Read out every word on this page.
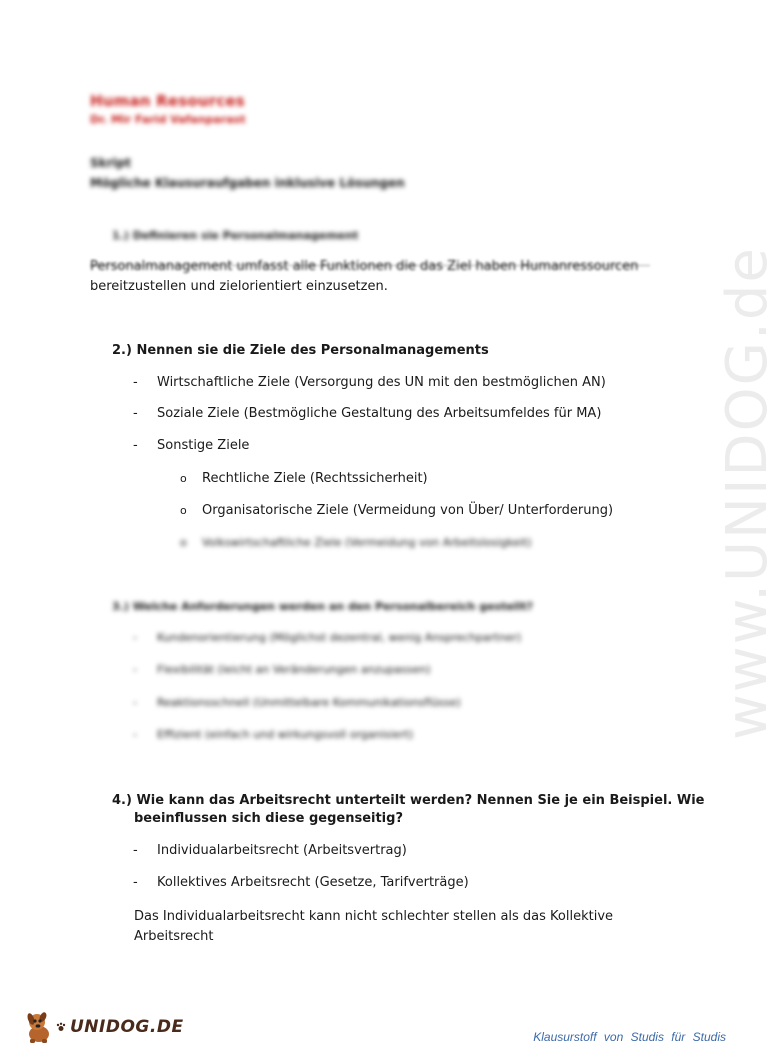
Human Resources
Dr. Mir Farid Vafanparast
Skript
Mögliche Klausuraufgaben inklusive Lösungen
1.) Definieren sie Personalmanagement
Personalmanagement umfasst alle Funktionen die das Ziel haben Humanressourcen
bereitzustellen und zielorientiert einzusetzen.
2.) Nennen sie die Ziele des Personalmanagements
- Wirtschaftliche Ziele (Versorgung des UN mit den bestmöglichen AN)
- Soziale Ziele (Bestmögliche Gestaltung des Arbeitsumfeldes für MA)
- Sonstige Ziele
o Rechtliche Ziele (Rechtssicherheit)
o Organisatorische Ziele (Vermeidung von Über/ Unterforderung)
o Volkswirtschaftliche Ziele (Vermeidung von Arbeitslosigkeit)
3.) Welche Anforderungen werden an den Personalbereich gestellt?
- Kundenorientierung (Möglichst dezentral, wenig Ansprechpartner)
- Flexibilität (leicht an Veränderungen anzupassen)
- Reaktionsschnell (Unmittelbare Kommunikationsflüsse)
- Effizient (einfach und wirkungsvoll organisiert)
4.) Wie kann das Arbeitsrecht unterteilt werden? Nennen Sie je ein Beispiel. Wie
beeinflussen sich diese gegenseitig?
- Individualarbeitsrecht (Arbeitsvertrag)
- Kollektives Arbeitsrecht (Gesetze, Tarifverträge)
Das Individualarbeitsrecht kann nicht schlechter stellen als das Kollektive
Arbeitsrecht
www.UNIDOG.de
UNIDOG.DE	Klausurstoff von Studis für Studis
